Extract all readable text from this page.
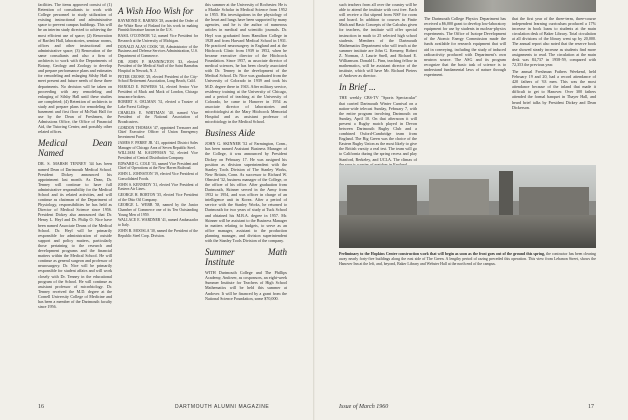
facilities. The items approved consist of (1) Retention of consultants to work with College personnel to study utilization of existing instructional and administrative space to prevent campus buildings. This will be an interim study directed to achieving the most efficient use of space; (2) Renovation of Bartlett Hall, laboratories, seminar rooms, offices and other instructional and administrative space; (3) Renovation of the same consultants and also a firm of architects to work with the Departments of Botany, Geology and Zoology to develop and prepare performance plans and estimates for remodeling and enlarging Silsby Hall to meet present and future needs of these three departments. No decision will be taken on proceeding with any remodeling and enlarging of Silsby Hall until these studies are completed; (4) Retention of architects to study and prepare plans for remodeling the basement and first floor of McNutt Hall for use by the Dean of Freshmen, the Admissions Office, the Office of Financial Aid, the Tutoring Center, and possibly other related offices.

Medical Dean Named

DR. S. MARSH TENNEY '44 has been named Dean of Dartmouth Medical School. President Dickey announced his appointment last month. As Dean, Dr. Tenney will continue to have full administrative responsibility for the Medical School and its related activities, and will continue as chairman of the Department of Physiology, responsibilities he has held as Director of Medical Science since 1956. President Dickey also announced that Dr. Henry L. Heyl and Dr. Philip O. Nice have been named Associate Deans of the Medical School. Dr. Heyl will be primarily responsible for administration of outside support and policy matters, particularly those pertaining to the research and development programs and the financial matters within the Medical School. He will continue as general surgeon and professor of neurosurgery. Dr. Nice will be primarily responsible for student affairs and will work closely with Dr. Tenney in the educational program of the School. He will continue as assistant professor of microbiology. Dr. Tenney received the M.D. degree at the Cornell University College of Medicine and has been a member of the Dartmouth faculty since 1956.

A Wish Hoo Wish for
RAYMOND E. BARNES '28, awarded the Order of the White Rose of Finland for his work in making Finnish literature known in the U.S.
BASIL O'CONNOR '12, named Vice President for Research at the University of Michigan.
DONALD ALAN COOK '38, Administrator of the Business and Defense Services Administration, U.S. Department of Commerce.
DR. JOHN P. HANNINGTON '43, elected President of the Medical Staff of the Saint Barnabas Hospital in Newark, N. J.
PETER CROWE '29, elected President of the City-School Retirement Association, Long Beach, Calif.
HAROLD E. BOWERS '14, elected Senior Vice President of Mack and Mack of London, Chicago insurance brokers.
ROBERT S. OELMAN '31, elected a Trustee of Lake Forest College.
CHARLES E. WHITMAN '40, named Vice President of the National Association of Broadcasters.
GORDON THOMAS '47, appointed Treasurer and Chief Executive Officer of Union Emergency Investment Fund.
JAMES F. PERRY JR. '41, appointed District Sales Manager of Chicago Area of Seven Republic Steel.
WILLIAM M. KAUFFMAN '52, elected Vice President of Central Distribution Company.
EDWARD G. COLE '33, named Vice President and Chief of Operations at the New Haven Railroad.
JOHN L. JOHNSTON '19, elected Vice President of Consolidated Foods.
JOHN S. KENNEDY '31, elected Vice President of Eastern Air Lines.
GEORGE H. BORTON '35, elected Vice President of the Ohio Oil Company.
GEORGE L. WEBB '38, named by the Junior Chamber of Commerce one of its Ten Outstanding Young Men of 1959.
WALLACE E. WARDNER '41, named Ambassador to Italy.
JOHN B. MOOSLA '30, named the President of the Republic Steel Corp. Division.

this summer at the University of Rochester. He is a Markle Scholar in Medical Science from 1952 to 1955. His investigations in the physiology of the heart and lungs have been supported by many agencies, and he is the author of numerous articles in medical and scientific journals. Dr. Heyl was graduated from Hamilton College in 1928 and from Harvard Medical School in 1931. He practiced neurosurgery in England and at the Hitchcock Clinic from 1939 to 1952, when he became executive director of the Hitchcock Foundation. Since 1957, as associate director of medical sciences, he has been closely associated with Dr. Tenney in the development of the Medical School. Dr. Nice was graduated from the University of Colorado in 1939 and took his M.D. degree there in 1943. After military service, residency training at the University of Chicago, and a period of teaching at the University of Colorado, he came to Hanover in 1954 as associate director of laboratories and microbiologist at the Mary Hitchcock Memorial Hospital and as assistant professor of microbiology in the Medical School.

Business Aide

JOHN G. SKINNER '52 of Farmington, Conn., has been named Assistant Business Manager of the College, it was announced by President Dickey on February 17. He was assigned his position as division superintendent with the Stanley Tools Division of The Stanley Works, New Britain, Conn. As successor to Richard W. Olmsted '32, business manager of the College, or the officer of his office. After graduation from Dartmouth, Skinner served in the Army from 1952 to 1954, and was officer in charge of an intelligence unit in Korea. After a period of service with the Stanley Works, he returned to Dartmouth for two years of study at Tuck School and obtained his M.B.A. degree in 1957. Mr. Skinner will be assistant to the Business Manager in matters relating to budgets, to serve as an office manager, assistant to the production planning manager, and division superintendent with the Stanley Tools Division of the company.

Summer Math Institute

WITH Dartmouth College and The Phillips Academy, Andover, as cosponsors, an eight-week Summer Institute for Teachers of High School Mathematics will be held this summer at Andover. It will be financed by a grant from the National Science Foundation, some $70,000.

such teachers from all over the country will be able to attend the institute with cost free. Each will receive a flat stipend from NSF for room and board. In addition to courses in Finite Math and Basic Concepts of the Calculus given for teachers, the institute will offer special instruction in math to 25 selected high school students. Members of the Dartmouth Mathematics Department who will teach at the summer institute are John G. Kemeny, Robert Z. Norman, J. Laurie Snell, and Richard E. Williamson. Donald L. Finn, teaching fellow in mathematics, will be assistant director of the institute, which will have Mr. Richard Pieters of Andover as director.

In Brief ...

THE weekly CBS-TV "Sports Spectacular" that carried Dartmouth Winter Carnival on a nation-wide telecast Sunday, February 7, with the entire program involving Dartmouth on Sunday, April 10. On that afternoon it will present a Rugby match played in Devon between Dartmouth Rugby Club and a combined Oxford-Cambridge team from England. The Big Green was the choice of the Eastern Rugby Union as the most likely to give the British varsity a real test. The team will go to California during the spring recess and play Stanford, Berkeley, and UCLA. The climax of

The Dartmouth College Physics Department has received a $6,000 grant to develop low-laboratory equipment for use by students in nuclear-physics experiments. The Office of Isotope Development of the Atomic Energy Commission made the funds available for research equipment that will aid in conveying, including the study of induced radioactivity produced with Department's own neutron source. The ASG and its program recognize that the basic task of science is to understand fundamental laws of nature through experiment.

that the first year of the three-term, three-course independent learning curriculum produced a 17% increase in book loans to students at the main circulation desk of Baker Library. Total circulation at all divisions of the library went up by 20,000. The annual report also noted that the reserve book use showed steady increase as students find more assignments to read. The circulation at the main desk was 84,737 in 1958-59, compared with 72,353 the previous year.

The annual Freshman Fathers Weekend, held February 19 and 20, had a record attendance of 420 fathers of '63 men. This was the most attendance because of the inland that made it difficult to get to Hanover. Over 300 fathers attended the formal banquet in Thayer Hall, and heard brief talks by President Dickey and Dean Dickerson.

Preliminary to the Hopkins Center construction work that will begin as soon as the frost goes out of the ground this spring, the contractor has been clearing away nearly forty-five buildings along the east side of The Green. A lengthy period of razing preceded this operation. This view from Lebanon Street, shows the Hanover Inn at the left, and, beyond, Baker Library and Webster Hall at the north end of the campus.
16	DARTMOUTH ALUMNI MAGAZINE	Issue of March 1960	17
